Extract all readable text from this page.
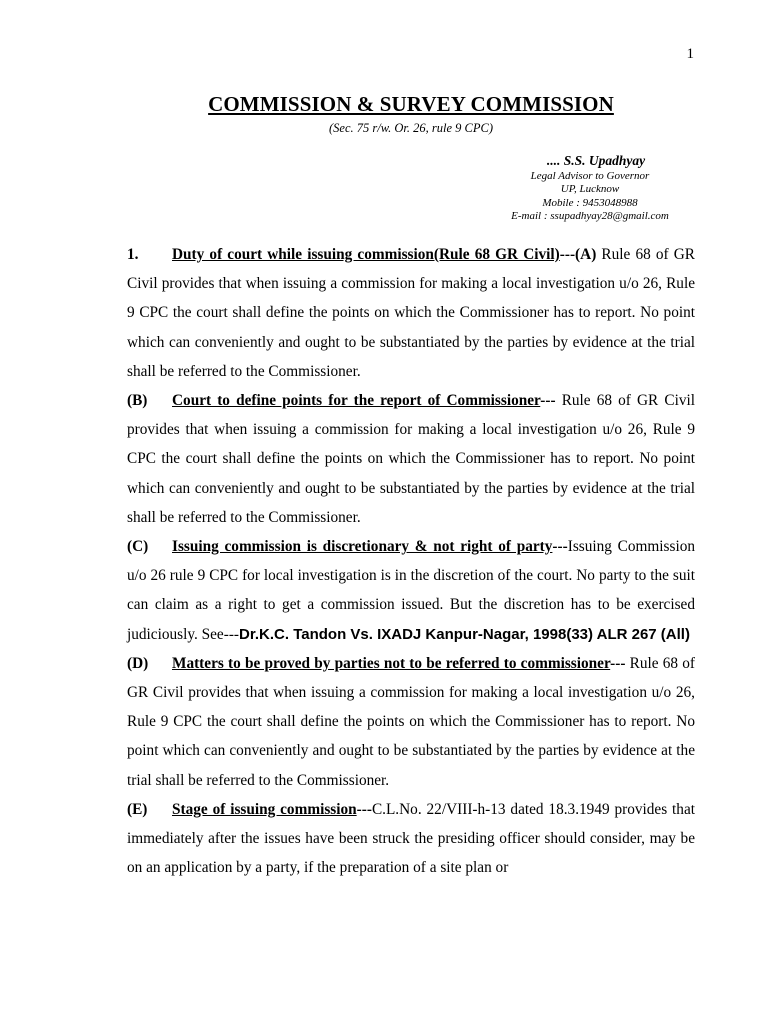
1
COMMISSION & SURVEY COMMISSION
(Sec. 75 r/w. Or. 26, rule 9 CPC)
.... S.S. Upadhyay
Legal Advisor to Governor
UP, Lucknow
Mobile : 9453048988
E-mail : ssupadhyay28@gmail.com

1. Duty of court while issuing commission(Rule 68 GR Civil)---(A) Rule 68 of GR Civil provides that when issuing a commission for making a local investigation u/o 26, Rule 9 CPC the court shall define the points on which the Commissioner has to report. No point which can conveniently and ought to be substantiated by the parties by evidence at the trial shall be referred to the Commissioner.

(B) Court to define points for the report of Commissioner--- Rule 68 of GR Civil provides that when issuing a commission for making a local investigation u/o 26, Rule 9 CPC the court shall define the points on which the Commissioner has to report. No point which can conveniently and ought to be substantiated by the parties by evidence at the trial shall be referred to the Commissioner.

(C) Issuing commission is discretionary & not right of party---Issuing Commission u/o 26 rule 9 CPC for local investigation is in the discretion of the court. No party to the suit can claim as a right to get a commission issued. But the discretion has to be exercised judiciously. See---Dr.K.C. Tandon Vs. IXADJ Kanpur-Nagar, 1998(33) ALR 267 (All)

(D) Matters to be proved by parties not to be referred to commissioner--- Rule 68 of GR Civil provides that when issuing a commission for making a local investigation u/o 26, Rule 9 CPC the court shall define the points on which the Commissioner has to report. No point which can conveniently and ought to be substantiated by the parties by evidence at the trial shall be referred to the Commissioner.

(E) Stage of issuing commission---C.L.No. 22/VIII-h-13 dated 18.3.1949 provides that immediately after the issues have been struck the presiding officer should consider, may be on an application by a party, if the preparation of a site plan or
